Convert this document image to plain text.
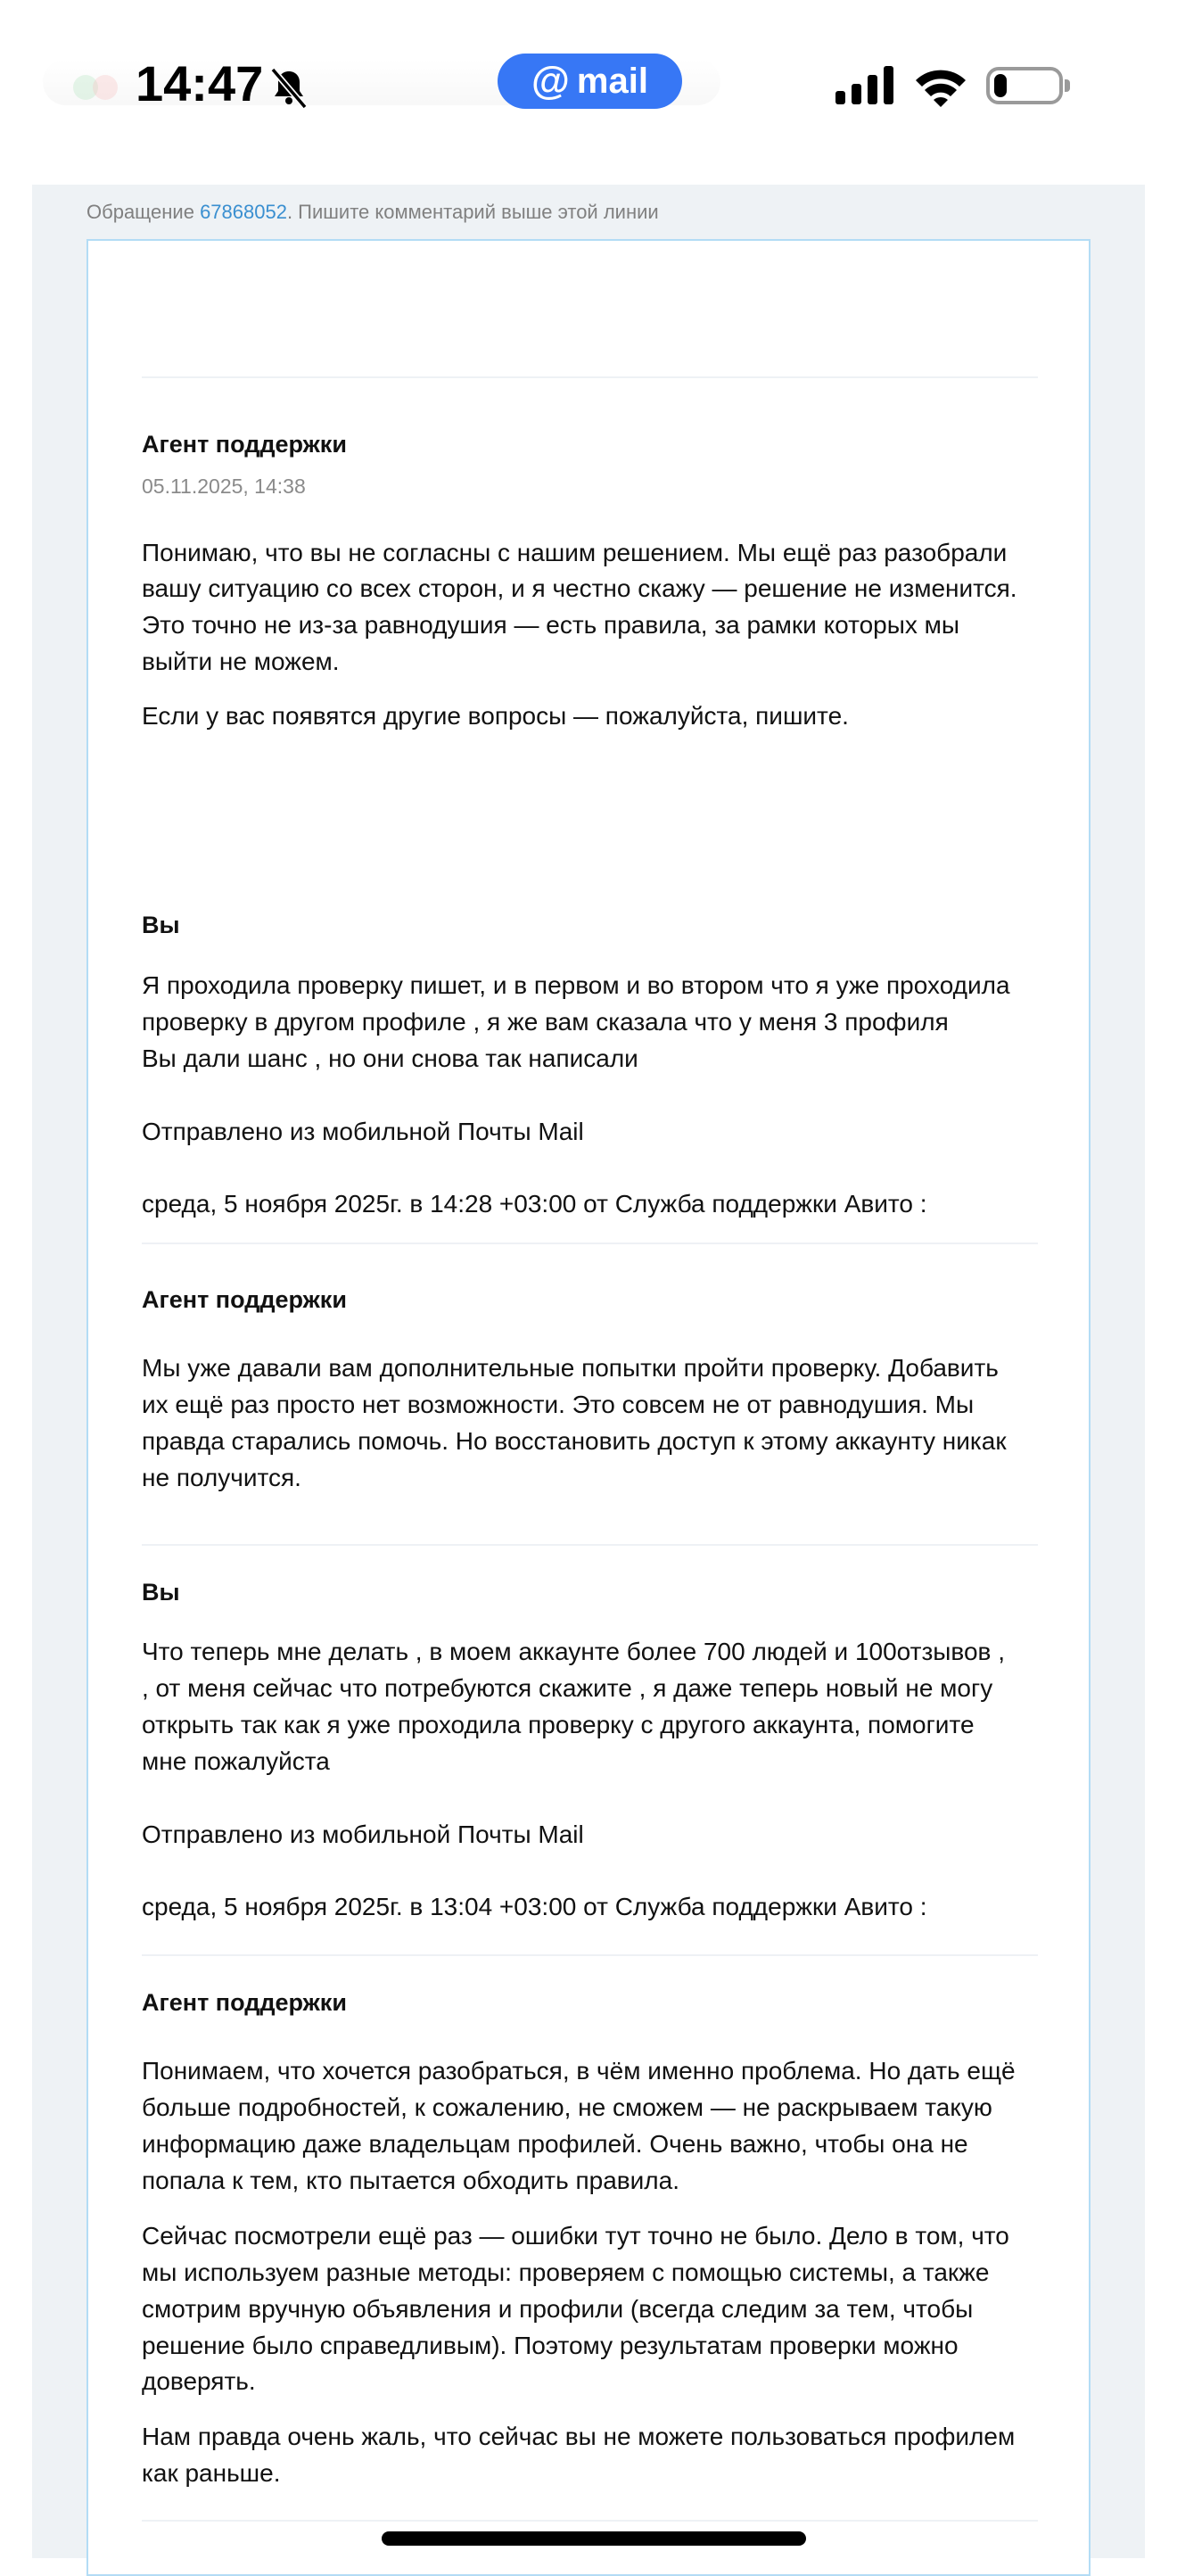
14:47	@ mail
Обращение 67868052. Пишите комментарий выше этой линии
Агент поддержки
05.11.2025, 14:38
Понимаю, что вы не согласны с нашим решением. Мы ещё раз разобрали
вашу ситуацию со всех сторон, и я честно скажу — решение не изменится.
Это точно не из-за равнодушия — есть правила, за рамки которых мы
выйти не можем.
Если у вас появятся другие вопросы — пожалуйста, пишите.
Вы
Я проходила проверку пишет, и в первом и во втором что я уже проходила
проверку в другом профиле , я же вам сказала что у меня 3 профиля
Вы дали шанс , но они снова так написали
Отправлено из мобильной Почты Mail
среда, 5 ноября 2025г. в 14:28 +03:00 от Служба поддержки Авито :
Агент поддержки
Мы уже давали вам дополнительные попытки пройти проверку. Добавить
их ещё раз просто нет возможности. Это совсем не от равнодушия. Мы
правда старались помочь. Но восстановить доступ к этому аккаунту никак
не получится.
Вы
Что теперь мне делать , в моем аккаунте более 700 людей и 100отзывов ,
, от меня сейчас что потребуются скажите , я даже теперь новый не могу
открыть так как я уже проходила проверку с другого аккаунта, помогите
мне пожалуйста
Отправлено из мобильной Почты Mail
среда, 5 ноября 2025г. в 13:04 +03:00 от Служба поддержки Авито :
Агент поддержки
Понимаем, что хочется разобраться, в чём именно проблема. Но дать ещё
больше подробностей, к сожалению, не сможем — не раскрываем такую
информацию даже владельцам профилей. Очень важно, чтобы она не
попала к тем, кто пытается обходить правила.
Сейчас посмотрели ещё раз — ошибки тут точно не было. Дело в том, что
мы используем разные методы: проверяем с помощью системы, а также
смотрим вручную объявления и профили (всегда следим за тем, чтобы
решение было справедливым). Поэтому результатам проверки можно
доверять.
Нам правда очень жаль, что сейчас вы не можете пользоваться профилем
как раньше.
